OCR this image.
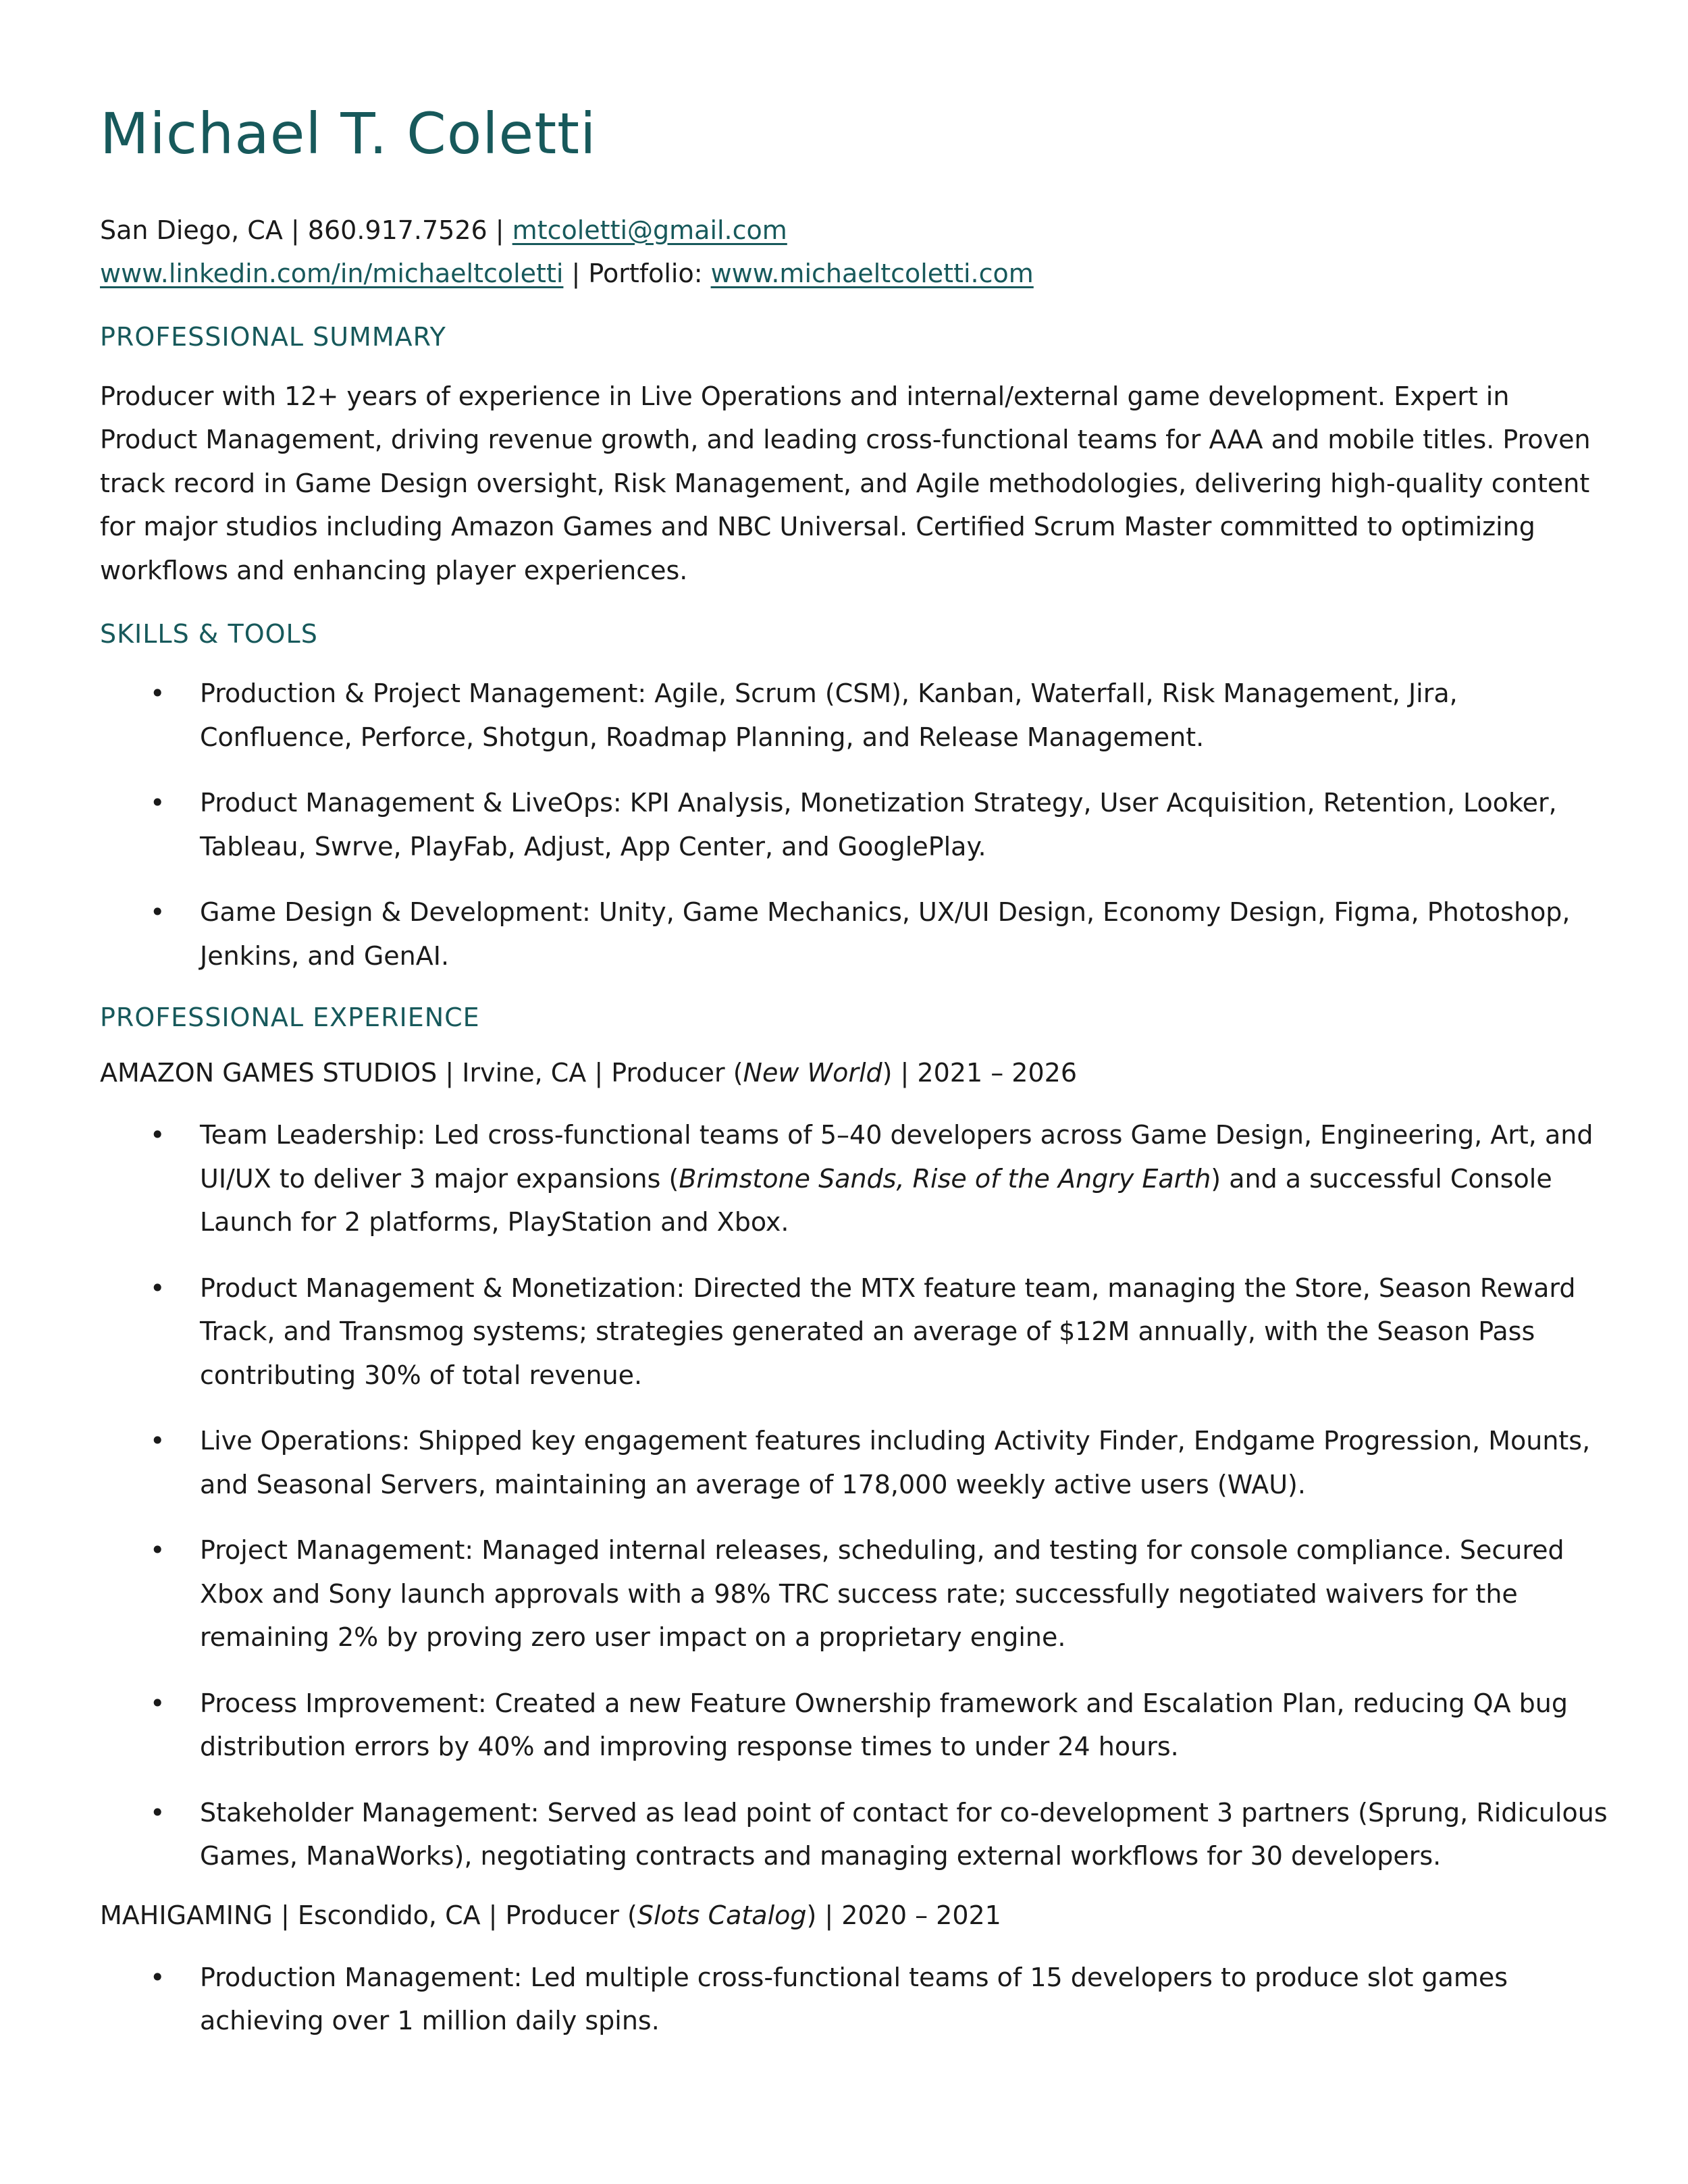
Michael T. Coletti

San Diego, CA | 860.917.7526 | mtcoletti@gmail.com

www.linkedin.com/in/michaeltcoletti | Portfolio: www.michaeltcoletti.com

PROFESSIONAL SUMMARY

Producer with 12+ years of experience in Live Operations and internal/external game development. Expert in Product Management, driving revenue growth, and leading cross-functional teams for AAA and mobile titles. Proven track record in Game Design oversight, Risk Management, and Agile methodologies, delivering high-quality content for major studios including Amazon Games and NBC Universal. Certified Scrum Master committed to optimizing workflows and enhancing player experiences.

SKILLS & TOOLS
• Production & Project Management: Agile, Scrum (CSM), Kanban, Waterfall, Risk Management, Jira, Confluence, Perforce, Shotgun, Roadmap Planning, and Release Management.
• Product Management & LiveOps: KPI Analysis, Monetization Strategy, User Acquisition, Retention, Looker, Tableau, Swrve, PlayFab, Adjust, App Center, and GooglePlay.
• Game Design & Development: Unity, Game Mechanics, UX/UI Design, Economy Design, Figma, Photoshop, Jenkins, and GenAI.
PROFESSIONAL EXPERIENCE
AMAZON GAMES STUDIOS | Irvine, CA | Producer (New World) | 2021 – 2026
• Team Leadership: Led cross-functional teams of 5–40 developers across Game Design, Engineering, Art, and UI/UX to deliver 3 major expansions (Brimstone Sands, Rise of the Angry Earth) and a successful Console Launch for 2 platforms, PlayStation and Xbox.
• Product Management & Monetization: Directed the MTX feature team, managing the Store, Season Reward Track, and Transmog systems; strategies generated an average of $12M annually, with the Season Pass contributing 30% of total revenue.
• Live Operations: Shipped key engagement features including Activity Finder, Endgame Progression, Mounts, and Seasonal Servers, maintaining an average of 178,000 weekly active users (WAU).
• Project Management: Managed internal releases, scheduling, and testing for console compliance. Secured Xbox and Sony launch approvals with a 98% TRC success rate; successfully negotiated waivers for the remaining 2% by proving zero user impact on a proprietary engine.
• Process Improvement: Created a new Feature Ownership framework and Escalation Plan, reducing QA bug distribution errors by 40% and improving response times to under 24 hours.
• Stakeholder Management: Served as lead point of contact for co-development 3 partners (Sprung, Ridiculous Games, ManaWorks), negotiating contracts and managing external workflows for 30 developers.
MAHIGAMING | Escondido, CA | Producer (Slots Catalog) | 2020 – 2021
• Production Management: Led multiple cross-functional teams of 15 developers to produce slot games achieving over 1 million daily spins.
